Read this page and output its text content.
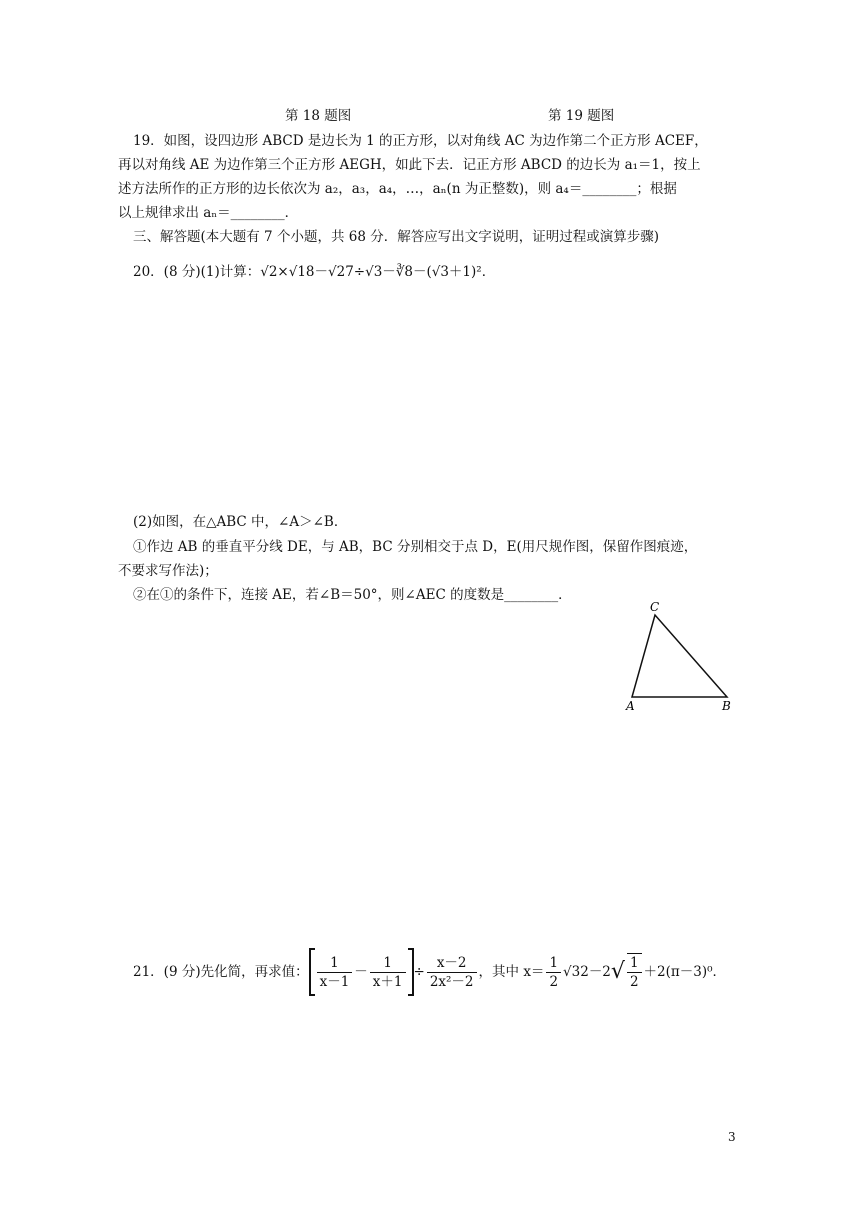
第 18 题图	第 19 题图
19．如图，设四边形 ABCD 是边长为 1 的正方形，以对角线 AC 为边作第二个正方形 ACEF，
再以对角线 AE 为边作第三个正方形 AEGH，如此下去．记正方形 ABCD 的边长为 a₁＝1，按上
述方法所作的正方形的边长依次为 a₂，a₃，a₄，…，aₙ(n 为正整数)，则 a₄＝________；根据
以上规律求出 aₙ＝________．
三、解答题(本大题有 7 个小题，共 68 分．解答应写出文字说明，证明过程或演算步骤)
20．(8 分)(1)计算：√2×√18－√27÷√3－∛8－(√3＋1)²．
(2)如图，在△ABC 中，∠A＞∠B．
①作边 AB 的垂直平分线 DE，与 AB，BC 分别相交于点 D，E(用尺规作图，保留作图痕迹，
不要求写作法)；
②在①的条件下，连接 AE，若∠B＝50°，则∠AEC 的度数是________．
C
A	B
21．(9 分)先化简，再求值： $\frac{1}{x-1} - \frac{1}{x+1} \div \frac{x-2}{\text{2x²－2}}$ ，其中 $x= \frac{1}{2} √32 -2$ √ $\frac{1}{2} +2(\pi-3)^0$．
3
